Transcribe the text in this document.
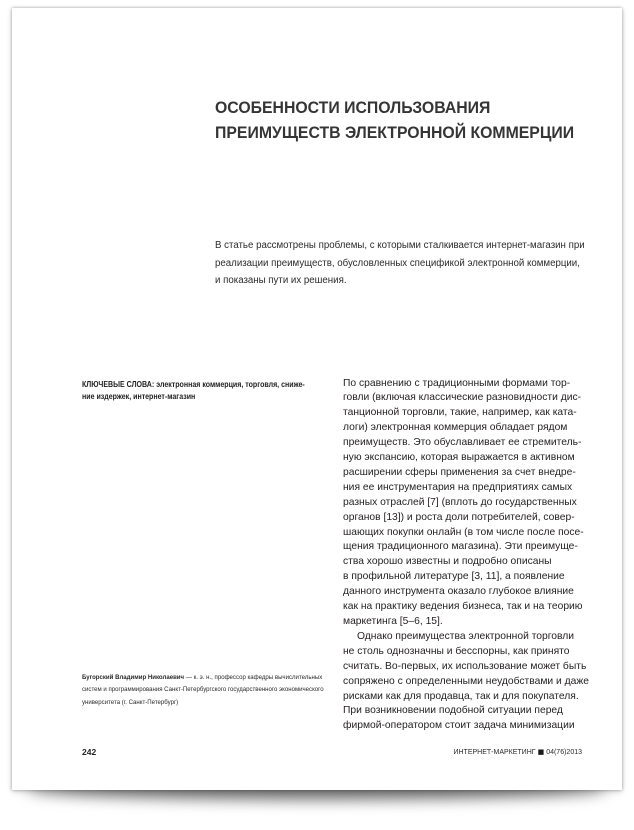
ОСОБЕННОСТИ ИСПОЛЬЗОВАНИЯ
ПРЕИМУЩЕСТВ ЭЛЕКТРОННОЙ КОММЕРЦИИ
В статье рассмотрены проблемы, с которыми сталкивается интернет-магазин при
реализации преимуществ, обусловленных спецификой электронной коммерции,
и показаны пути их решения.
КЛЮЧЕВЫЕ СЛОВА: электронная коммерция, торговля, сниже-
ние издержек, интернет-магазин
По сравнению с традиционными формами тор-
говли (включая классические разновидности дис-
танционной торговли, такие, например, как ката-
логи) электронная коммерция обладает рядом
преимуществ. Это обуславливает ее стремитель-
ную экспансию, которая выражается в активном
расширении сферы применения за счет внедре-
ния ее инструментария на предприятиях самых
разных отраслей [7] (вплоть до государственных
органов [13]) и роста доли потребителей, совер-
шающих покупки онлайн (в том числе после посе-
щения традиционного магазина). Эти преимуще-
ства хорошо известны и подробно описаны
в профильной литературе [3, 11], а появление
данного инструмента оказало глубокое влияние
как на практику ведения бизнеса, так и на теорию
маркетинга [5–6, 15].
Однако преимущества электронной торговли
не столь однозначны и бесспорны, как принято
считать. Во-первых, их использование может быть
сопряжено с определенными неудобствами и даже
рисками как для продавца, так и для покупателя.
При возникновении подобной ситуации перед
фирмой-оператором стоит задача минимизации
Бугорский Владимир Николаевич — к. э. н., профессор кафедры вычислительных
систем и программирования Санкт-Петербургского государственного экономического
университета (г. Санкт-Петербург)
242	ИНТЕРНЕТ-МАРКЕТИНГ ■ 04(76)2013
